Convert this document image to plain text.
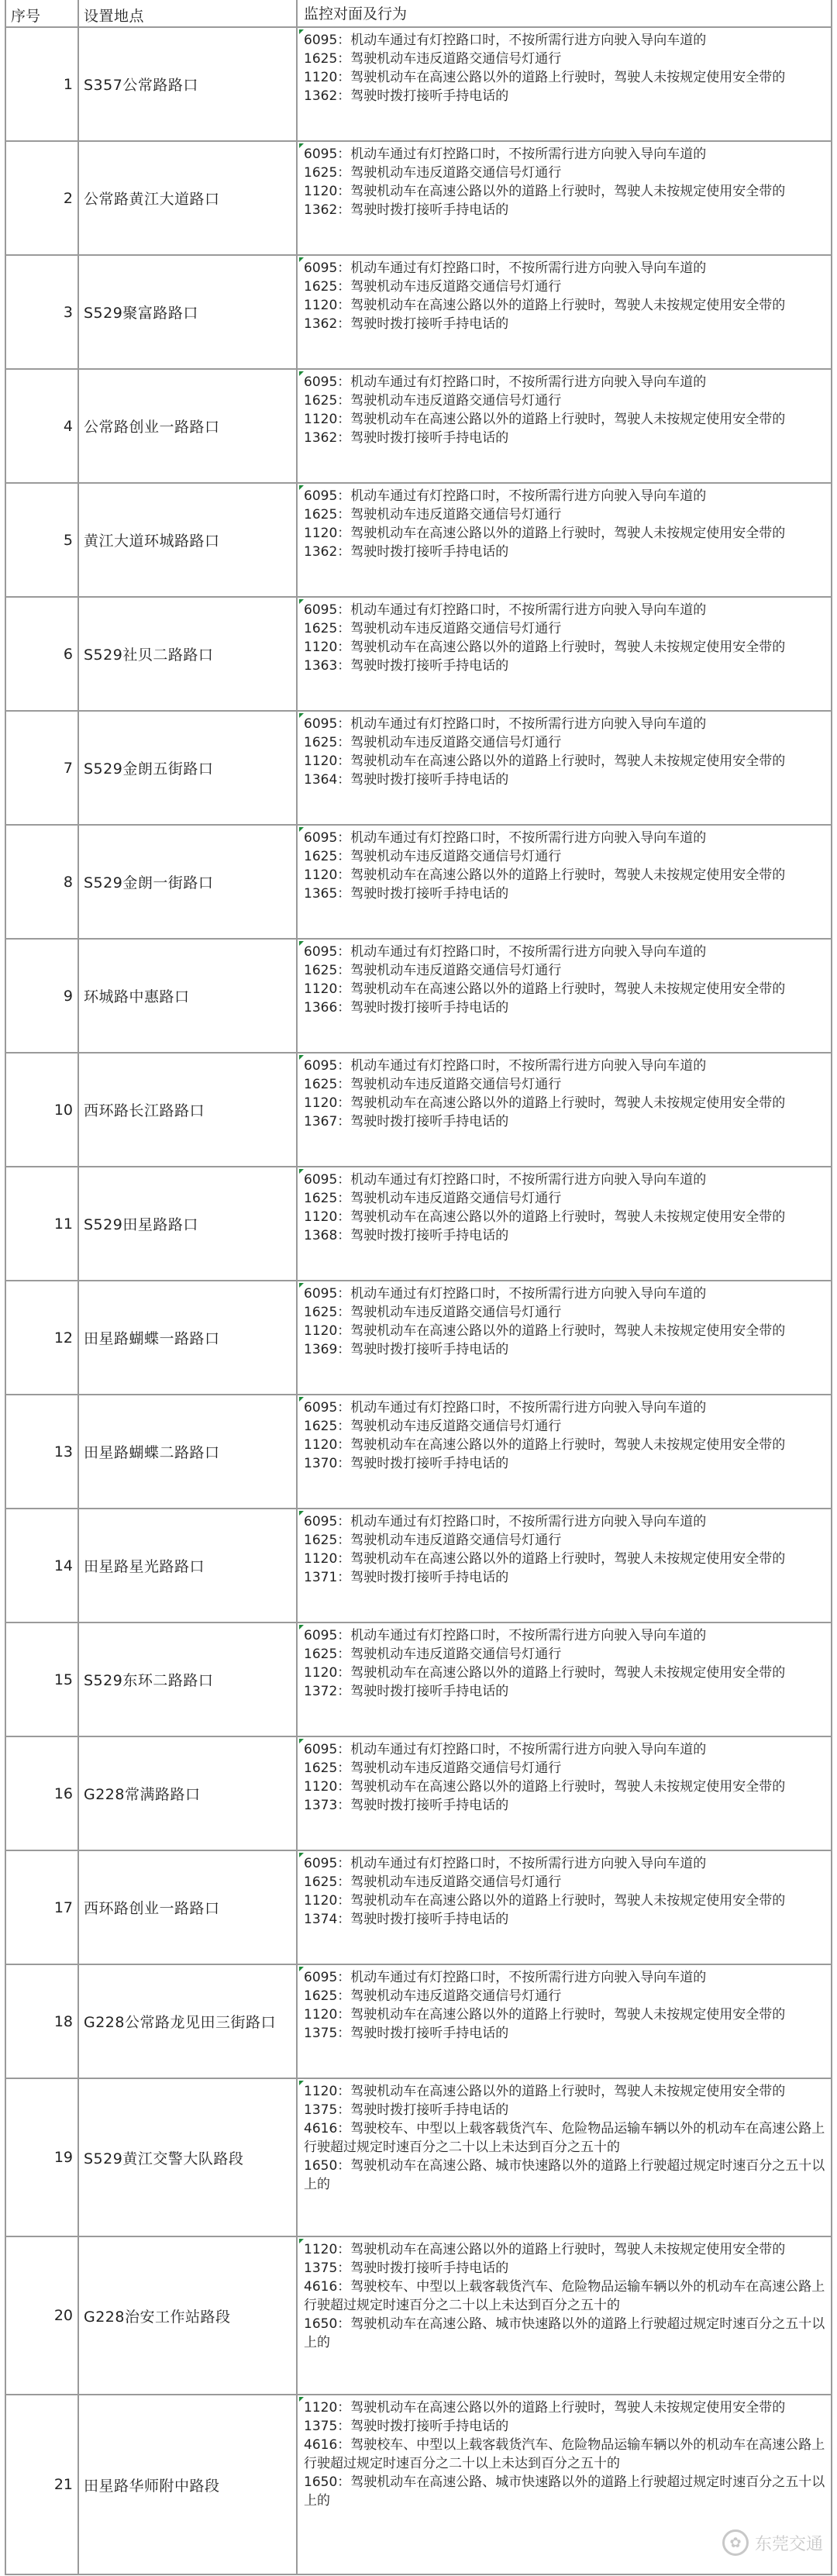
序号	设置地点	监控对面及行为
1 S357公常路路口
6095：机动车通过有灯控路口时，不按所需行进方向驶入导向车道的
1625：驾驶机动车违反道路交通信号灯通行
1120：驾驶机动车在高速公路以外的道路上行驶时，驾驶人未按规定使用安全带的
1362：驾驶时拨打接听手持电话的
2 公常路黄江大道路口
6095：机动车通过有灯控路口时，不按所需行进方向驶入导向车道的
1625：驾驶机动车违反道路交通信号灯通行
1120：驾驶机动车在高速公路以外的道路上行驶时，驾驶人未按规定使用安全带的
1362：驾驶时拨打接听手持电话的
3 S529聚富路路口
6095：机动车通过有灯控路口时，不按所需行进方向驶入导向车道的
1625：驾驶机动车违反道路交通信号灯通行
1120：驾驶机动车在高速公路以外的道路上行驶时，驾驶人未按规定使用安全带的
1362：驾驶时拨打接听手持电话的
4 公常路创业一路路口
6095：机动车通过有灯控路口时，不按所需行进方向驶入导向车道的
1625：驾驶机动车违反道路交通信号灯通行
1120：驾驶机动车在高速公路以外的道路上行驶时，驾驶人未按规定使用安全带的
1362：驾驶时拨打接听手持电话的
5 黄江大道环城路路口
6095：机动车通过有灯控路口时，不按所需行进方向驶入导向车道的
1625：驾驶机动车违反道路交通信号灯通行
1120：驾驶机动车在高速公路以外的道路上行驶时，驾驶人未按规定使用安全带的
1362：驾驶时拨打接听手持电话的
6 S529社贝二路路口
6095：机动车通过有灯控路口时，不按所需行进方向驶入导向车道的
1625：驾驶机动车违反道路交通信号灯通行
1120：驾驶机动车在高速公路以外的道路上行驶时，驾驶人未按规定使用安全带的
1363：驾驶时拨打接听手持电话的
7 S529金朗五街路口
6095：机动车通过有灯控路口时，不按所需行进方向驶入导向车道的
1625：驾驶机动车违反道路交通信号灯通行
1120：驾驶机动车在高速公路以外的道路上行驶时，驾驶人未按规定使用安全带的
1364：驾驶时拨打接听手持电话的
8 S529金朗一街路口
6095：机动车通过有灯控路口时，不按所需行进方向驶入导向车道的
1625：驾驶机动车违反道路交通信号灯通行
1120：驾驶机动车在高速公路以外的道路上行驶时，驾驶人未按规定使用安全带的
1365：驾驶时拨打接听手持电话的
9 环城路中惠路口
6095：机动车通过有灯控路口时，不按所需行进方向驶入导向车道的
1625：驾驶机动车违反道路交通信号灯通行
1120：驾驶机动车在高速公路以外的道路上行驶时，驾驶人未按规定使用安全带的
1366：驾驶时拨打接听手持电话的
10 西环路长江路路口
6095：机动车通过有灯控路口时，不按所需行进方向驶入导向车道的
1625：驾驶机动车违反道路交通信号灯通行
1120：驾驶机动车在高速公路以外的道路上行驶时，驾驶人未按规定使用安全带的
1367：驾驶时拨打接听手持电话的
11 S529田星路路口
6095：机动车通过有灯控路口时，不按所需行进方向驶入导向车道的
1625：驾驶机动车违反道路交通信号灯通行
1120：驾驶机动车在高速公路以外的道路上行驶时，驾驶人未按规定使用安全带的
1368：驾驶时拨打接听手持电话的
12 田星路蝴蝶一路路口
6095：机动车通过有灯控路口时，不按所需行进方向驶入导向车道的
1625：驾驶机动车违反道路交通信号灯通行
1120：驾驶机动车在高速公路以外的道路上行驶时，驾驶人未按规定使用安全带的
1369：驾驶时拨打接听手持电话的
13 田星路蝴蝶二路路口
6095：机动车通过有灯控路口时，不按所需行进方向驶入导向车道的
1625：驾驶机动车违反道路交通信号灯通行
1120：驾驶机动车在高速公路以外的道路上行驶时，驾驶人未按规定使用安全带的
1370：驾驶时拨打接听手持电话的
14 田星路星光路路口
6095：机动车通过有灯控路口时，不按所需行进方向驶入导向车道的
1625：驾驶机动车违反道路交通信号灯通行
1120：驾驶机动车在高速公路以外的道路上行驶时，驾驶人未按规定使用安全带的
1371：驾驶时拨打接听手持电话的
15 S529东环二路路口
6095：机动车通过有灯控路口时，不按所需行进方向驶入导向车道的
1625：驾驶机动车违反道路交通信号灯通行
1120：驾驶机动车在高速公路以外的道路上行驶时，驾驶人未按规定使用安全带的
1372：驾驶时拨打接听手持电话的
16 G228常满路路口
6095：机动车通过有灯控路口时，不按所需行进方向驶入导向车道的
1625：驾驶机动车违反道路交通信号灯通行
1120：驾驶机动车在高速公路以外的道路上行驶时，驾驶人未按规定使用安全带的
1373：驾驶时拨打接听手持电话的
17 西环路创业一路路口
6095：机动车通过有灯控路口时，不按所需行进方向驶入导向车道的
1625：驾驶机动车违反道路交通信号灯通行
1120：驾驶机动车在高速公路以外的道路上行驶时，驾驶人未按规定使用安全带的
1374：驾驶时拨打接听手持电话的
18 G228公常路龙见田三街路口
6095：机动车通过有灯控路口时，不按所需行进方向驶入导向车道的
1625：驾驶机动车违反道路交通信号灯通行
1120：驾驶机动车在高速公路以外的道路上行驶时，驾驶人未按规定使用安全带的
1375：驾驶时拨打接听手持电话的
19 S529黄江交警大队路段
1120：驾驶机动车在高速公路以外的道路上行驶时，驾驶人未按规定使用安全带的
1375：驾驶时拨打接听手持电话的
4616：驾驶校车、中型以上载客载货汽车、危险物品运输车辆以外的机动车在高速公路上行驶超过规定时速百分之二十以上未达到百分之五十的
1650：驾驶机动车在高速公路、城市快速路以外的道路上行驶超过规定时速百分之五十以上的
20 G228治安工作站路段
1120：驾驶机动车在高速公路以外的道路上行驶时，驾驶人未按规定使用安全带的
1375：驾驶时拨打接听手持电话的
4616：驾驶校车、中型以上载客载货汽车、危险物品运输车辆以外的机动车在高速公路上行驶超过规定时速百分之二十以上未达到百分之五十的
1650：驾驶机动车在高速公路、城市快速路以外的道路上行驶超过规定时速百分之五十以上的
21 田星路华师附中路段
1120：驾驶机动车在高速公路以外的道路上行驶时，驾驶人未按规定使用安全带的
1375：驾驶时拨打接听手持电话的
4616：驾驶校车、中型以上载客载货汽车、危险物品运输车辆以外的机动车在高速公路上行驶超过规定时速百分之二十以上未达到百分之五十的
1650：驾驶机动车在高速公路、城市快速路以外的道路上行驶超过规定时速百分之五十以上的
✿ 东莞交通
